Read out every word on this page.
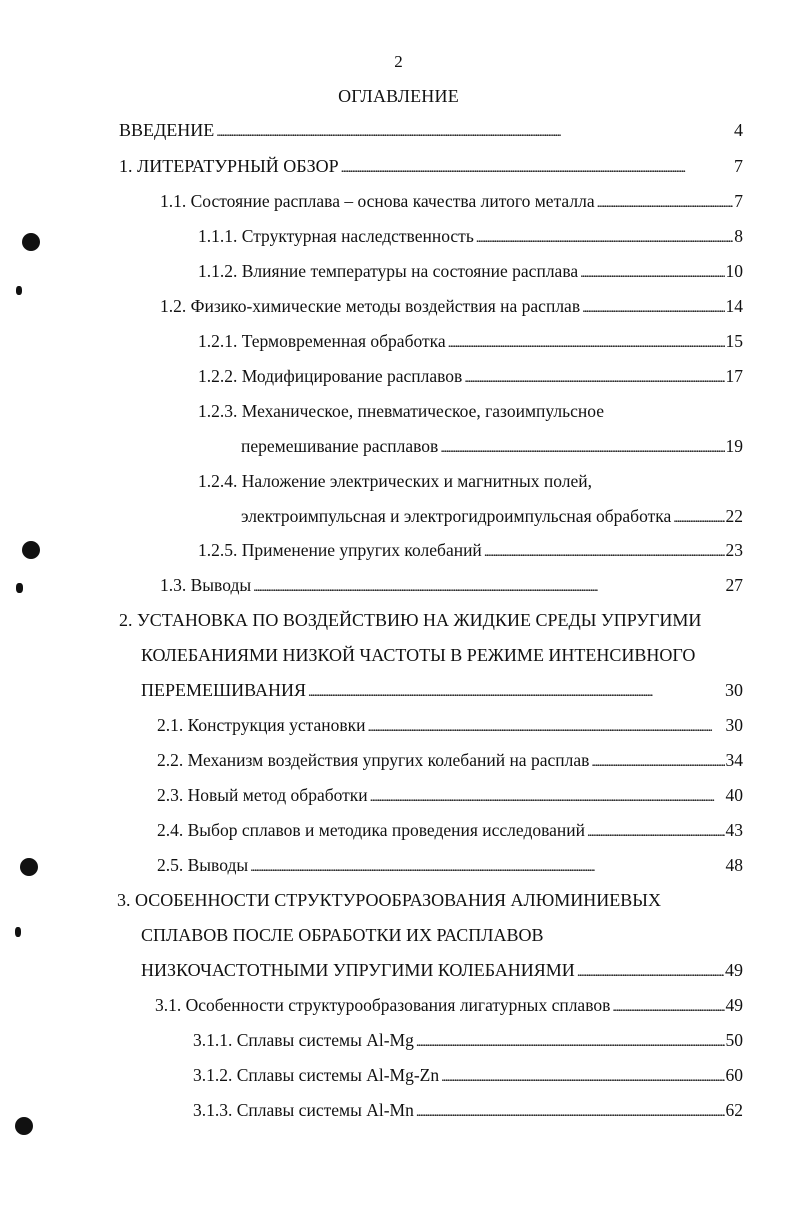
2
ОГЛАВЛЕНИЕ
ВВЕДЕНИЕ . . .	4
1. ЛИТЕРАТУРНЫЙ ОБЗОР . . .	7
1.1. Состояние расплава – основа качества литого металла . . .	7
1.1.1. Структурная наследственность . . .	8
1.1.2. Влияние температуры на состояние расплава . . .	10
1.2. Физико-химические методы воздействия на расплав . . .	14
1.2.1. Термовременная обработка . . .	15
1.2.2. Модифицирование расплавов . . .	17
1.2.3. Механическое, пневматическое, газоимпульсное
перемешивание расплавов . . .	19
1.2.4. Наложение электрических и магнитных полей,
электроимпульсная и электрогидроимпульсная обработка . . .	22
1.2.5. Применение упругих колебаний . . .	23
1.3. Выводы . . .	27
2. УСТАНОВКА ПО ВОЗДЕЙСТВИЮ НА ЖИДКИЕ СРЕДЫ УПРУГИМИ
КОЛЕБАНИЯМИ НИЗКОЙ ЧАСТОТЫ В РЕЖИМЕ ИНТЕНСИВНОГО
ПЕРЕМЕШИВАНИЯ . . .	30
2.1. Конструкция установки . . .	30
2.2. Механизм воздействия упругих колебаний на расплав . . .	34
2.3. Новый метод обработки . . .	40
2.4. Выбор сплавов и методика проведения исследований . . .	43
2.5. Выводы . . .	48
3. ОСОБЕННОСТИ СТРУКТУРООБРАЗОВАНИЯ АЛЮМИНИЕВЫХ
СПЛАВОВ ПОСЛЕ ОБРАБОТКИ ИХ РАСПЛАВОВ
НИЗКОЧАСТОТНЫМИ УПРУГИМИ КОЛЕБАНИЯМИ . . .	49
3.1. Особенности структурообразования лигатурных сплавов . . .	49
3.1.1. Сплавы системы Al-Mg . . .	50
3.1.2. Сплавы системы Al-Mg-Zn . . .	60
3.1.3. Сплавы системы Al-Mn . . .	62
